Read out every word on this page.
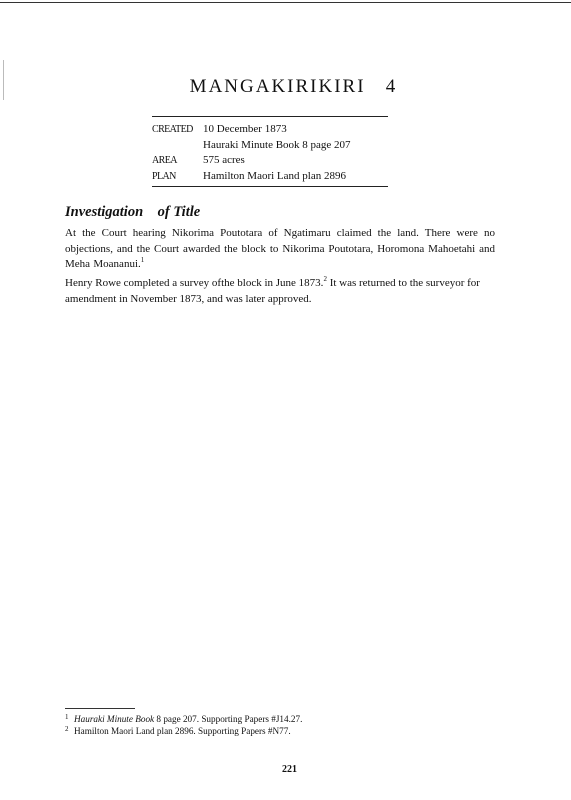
MANGAKIRIKIRI   4
CREATED 10 December 1873
Hauraki Minute Book 8 page 207
AREA	575 acres
PLAN	Hamilton Maori Land plan 2896
Investigation    of Title

At the Court hearing Nikorima Poutotara of Ngatimaru claimed the land. There were no objections, and the Court awarded the block to Nikorima Poutotara, Horomona Mahoetahi and Meha Moananui.$^1$

Henry Rowe completed a survey ofthe block in June 1873.$^2$ It was returned to the surveyor for amendment in November 1873, and was later approved.

1 Hauraki Minute Book 8 page 207. Supporting Papers #J14.27.
2 Hamilton Maori Land plan 2896. Supporting Papers #N77.
221
